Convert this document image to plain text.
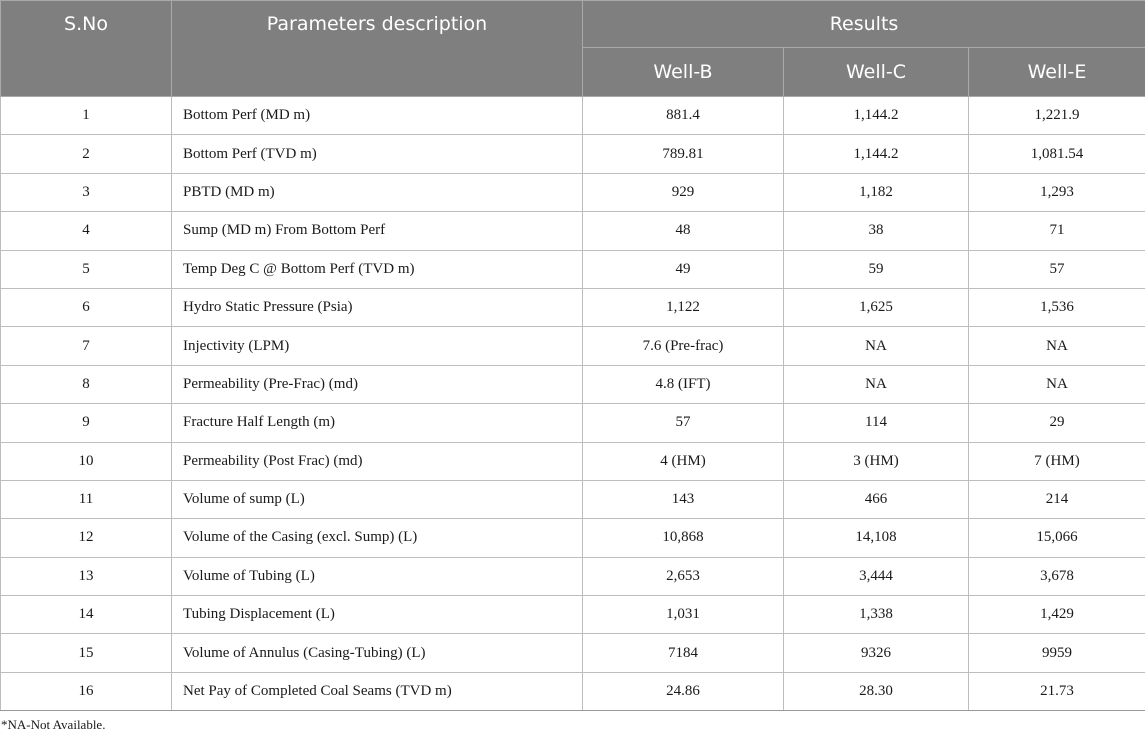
S.No	Parameters description	Results		
		Well-B	Well-C	Well-E
1	Bottom Perf (MD m)	881.4	1,144.2	1,221.9
2	Bottom Perf (TVD m)	789.81	1,144.2	1,081.54
3	PBTD (MD m)	929	1,182	1,293
4	Sump (MD m) From Bottom Perf	48	38	71
5	Temp Deg C @ Bottom Perf (TVD m)	49	59	57
6	Hydro Static Pressure (Psia)	1,122	1,625	1,536
7	Injectivity (LPM)	7.6 (Pre-frac)	NA	NA
8	Permeability (Pre-Frac) (md)	4.8 (IFT)	NA	NA
9	Fracture Half Length (m)	57	114	29
10	Permeability (Post Frac) (md)	4 (HM)	3 (HM)	7 (HM)
11	Volume of sump (L)	143	466	214
12	Volume of the Casing (excl. Sump) (L)	10,868	14,108	15,066
13	Volume of Tubing (L)	2,653	3,444	3,678
14	Tubing Displacement (L)	1,031	1,338	1,429
15	Volume of Annulus (Casing-Tubing) (L)	7184	9326	9959
16	Net Pay of Completed Coal Seams (TVD m)	24.86	28.30	21.73
*NA-Not Available.
